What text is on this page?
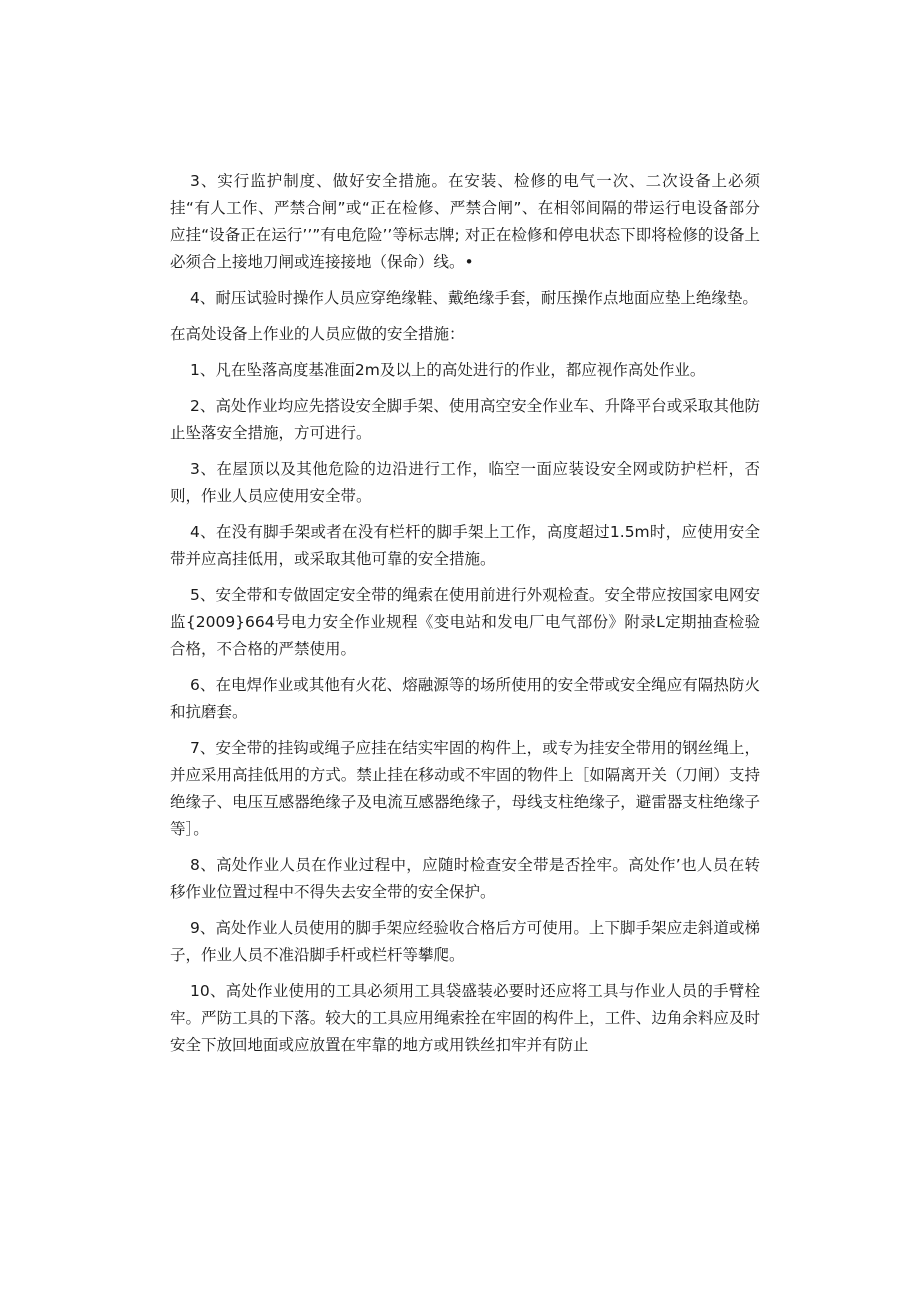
3、实行监护制度、做好安全措施。在安装、检修的电气一次、二次设备上必须挂“有人工作、严禁合闸”或“正在检修、严禁合闸”、在相邻间隔的带运行电设备部分应挂“设备正在运行’’”有电危险’’等标志牌; 对正在检修和停电状态下即将检修的设备上必须合上接地刀闸或连接接地（保命）线。•

4、耐压试验时操作人员应穿绝缘鞋、戴绝缘手套，耐压操作点地面应垫上绝缘垫。

在高处设备上作业的人员应做的安全措施：

1、凡在坠落高度基准面2m及以上的高处进行的作业，都应视作高处作业。

2、高处作业均应先搭设安全脚手架、使用高空安全作业车、升降平台或采取其他防止坠落安全措施，方可进行。

3、在屋顶以及其他危险的边沿进行工作，临空一面应装设安全网或防护栏杆，否则，作业人员应使用安全带。

4、在没有脚手架或者在没有栏杆的脚手架上工作，高度超过1.5m时，应使用安全带并应高挂低用，或采取其他可靠的安全措施。

5、安全带和专做固定安全带的绳索在使用前进行外观检查。安全带应按国家电网安监{2009}664号电力安全作业规程《变电站和发电厂电气部份》附录L定期抽查检验合格，不合格的严禁使用。

6、在电焊作业或其他有火花、熔融源等的场所使用的安全带或安全绳应有隔热防火和抗磨套。

7、安全带的挂钩或绳子应挂在结实牢固的构件上，或专为挂安全带用的钢丝绳上，并应采用高挂低用的方式。禁止挂在移动或不牢固的物件上［如隔离开关（刀闸）支持绝缘子、电压互感器绝缘子及电流互感器绝缘子，母线支柱绝缘子，避雷器支柱绝缘子等］。

8、高处作业人员在作业过程中，应随时检查安全带是否拴牢。高处作’也人员在转移作业位置过程中不得失去安全带的安全保护。

9、高处作业人员使用的脚手架应经验收合格后方可使用。上下脚手架应走斜道或梯子，作业人员不准沿脚手杆或栏杆等攀爬。

10、高处作业使用的工具必须用工具袋盛装必要时还应将工具与作业人员的手臂栓牢。严防工具的下落。较大的工具应用绳索拴在牢固的构件上，工件、边角余料应及时安全下放回地面或应放置在牢靠的地方或用铁丝扣牢并有防止
